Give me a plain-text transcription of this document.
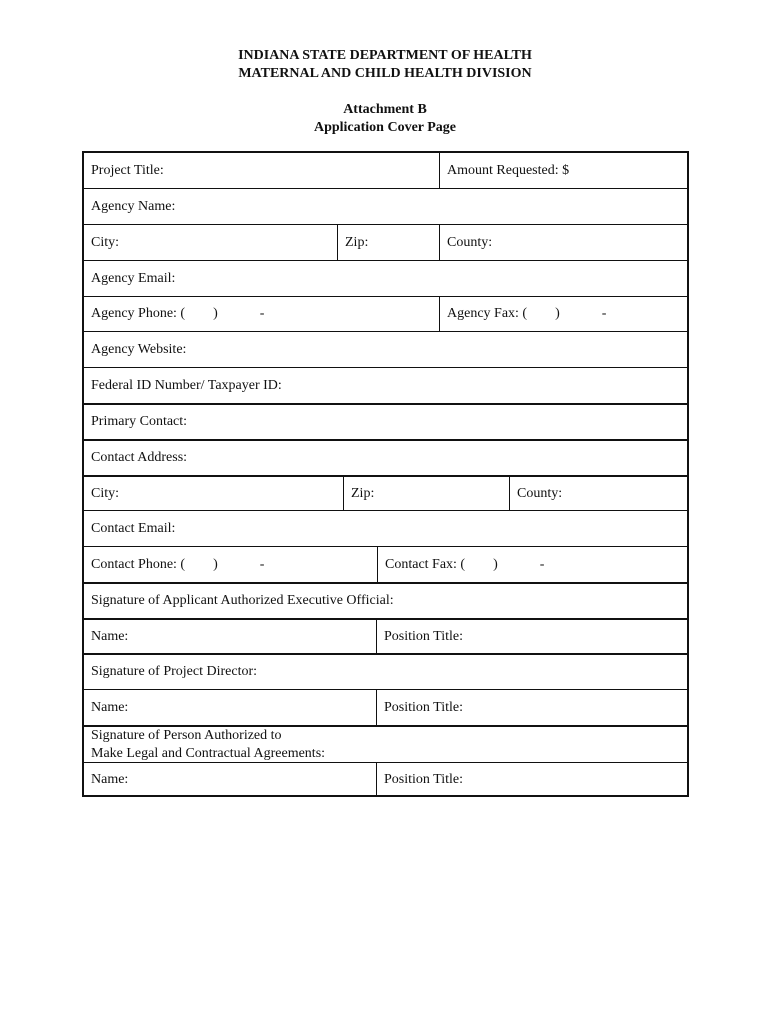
INDIANA STATE DEPARTMENT OF HEALTH
MATERNAL AND CHILD HEALTH DIVISION
Attachment B
Application Cover Page
Project Title:	Amount Requested: $
Agency Name:
City:	Zip:	County:
Agency Email:
Agency Phone: (        )            -	Agency Fax: (        )            -
Agency Website:
Federal ID Number/ Taxpayer ID:
Primary Contact:
Contact Address:
City:	Zip:	County:
Contact Email:
Contact Phone: (        )            -	Contact Fax: (        )            -
Signature of Applicant Authorized Executive Official:
Name:	Position Title:
Signature of Project Director:
Name:	Position Title:
Signature of Person Authorized to
Make Legal and Contractual Agreements:
Name:	Position Title:
